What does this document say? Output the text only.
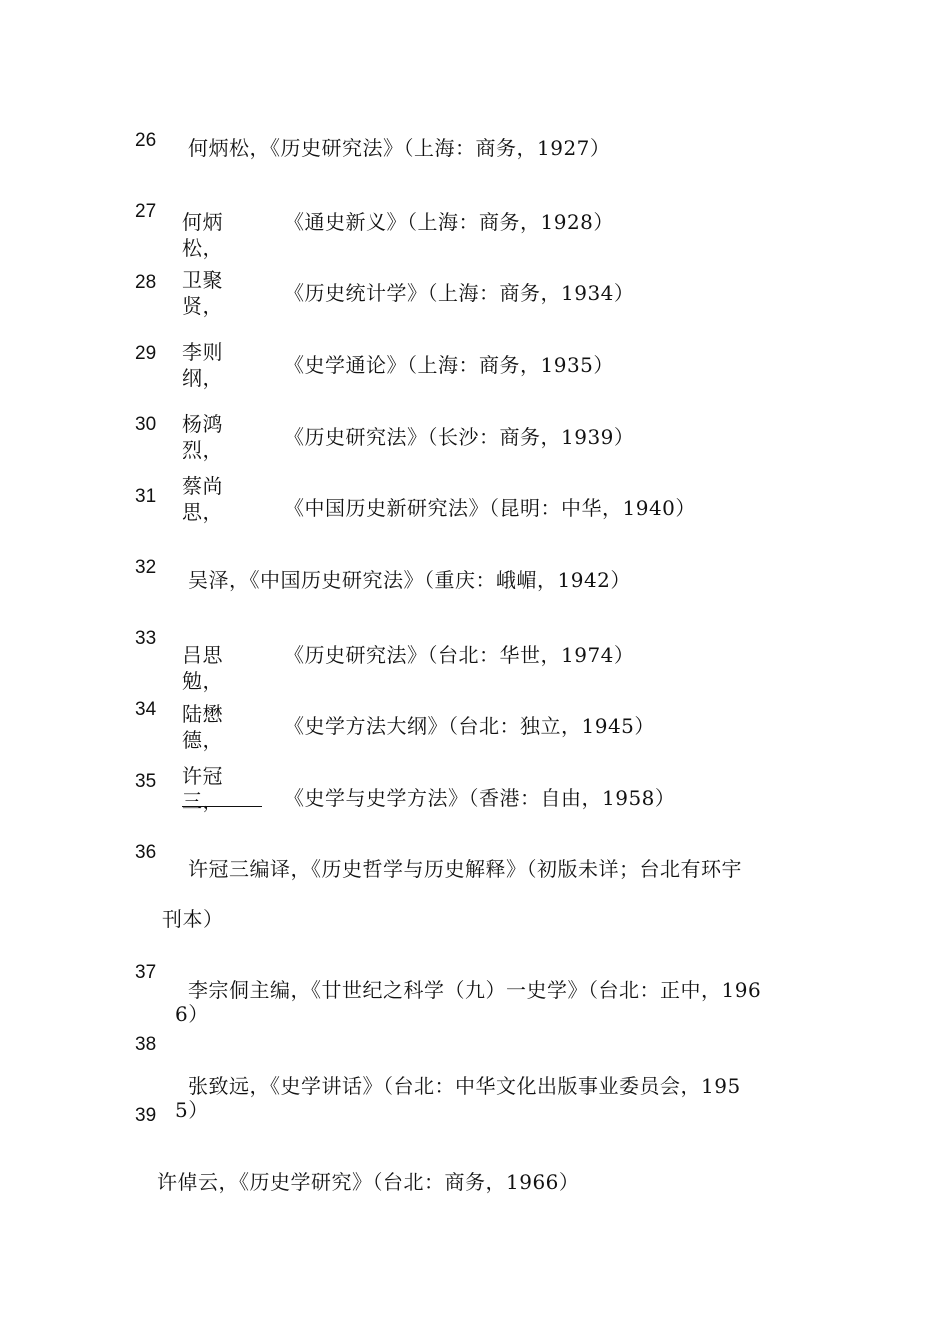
26 何炳松，《历史研究法》（上海：商务，1927）
27 何炳
松，
《通史新义》（上海：商务，1928）
28 卫聚
贤，
《历史统计学》（上海：商务，1934）
29 李则
纲，
《史学通论》（上海：商务，1935）
30 杨鸿
烈，
《历史研究法》（长沙：商务，1939）
31 蔡尚
思，	《中国历史新研究法》（昆明：中华，1940）
32
吴泽，《中国历史研究法》（重庆：峨嵋，1942）
33
吕思
勉，
《历史研究法》（台北：华世，1974）
34 陆懋
德，
《史学方法大纲》（台北：独立，1945）
35 许冠
三，	《史学与史学方法》（香港：自由，1958）
36
许冠三编译，《历史哲学与历史解释》（初版未详；台北有环宇
刊本）
37
李宗侗主编，《廿世纪之科学（九）一史学》（台北：正中，196
6）
38
张致远，《史学讲话》（台北：中华文化出版事业委员会，195
5）
39
许倬云，《历史学研究》（台北：商务，1966）
